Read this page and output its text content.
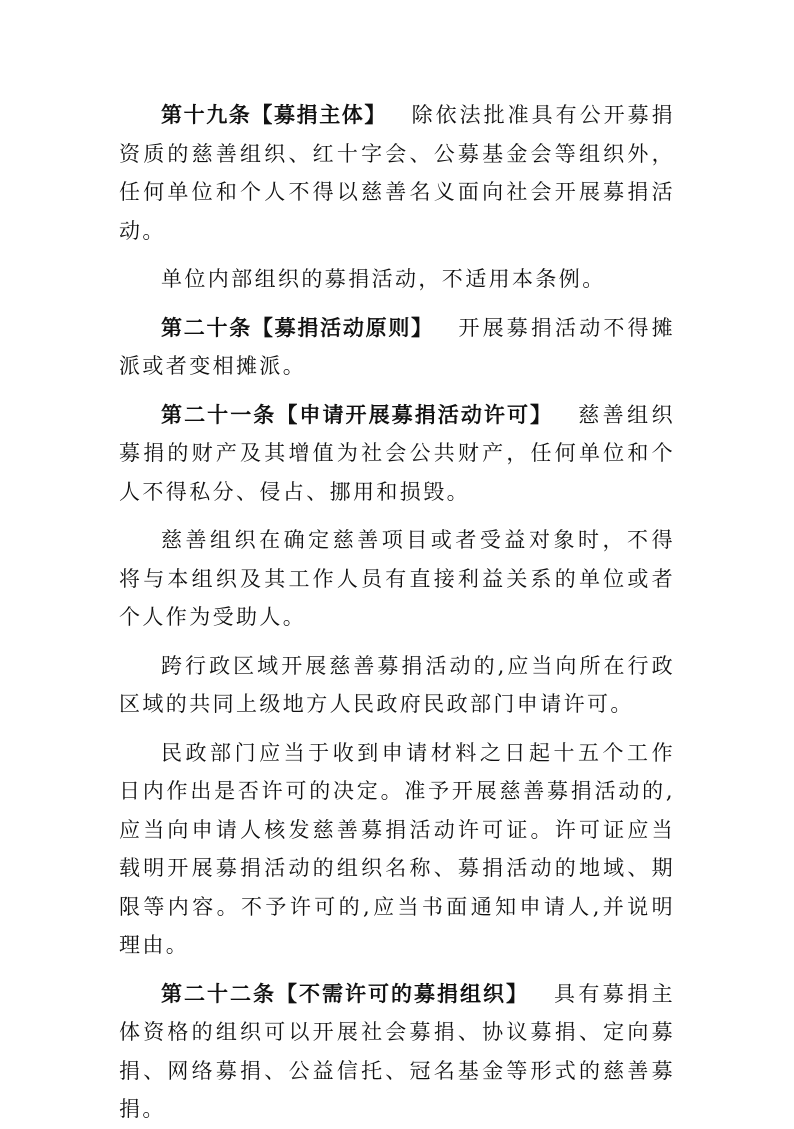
第十九条【募捐主体】 除依法批准具有公开募捐资质的慈善组织、红十字会、公募基金会等组织外，任何单位和个人不得以慈善名义面向社会开展募捐活动。

单位内部组织的募捐活动，不适用本条例。

第二十条【募捐活动原则】 开展募捐活动不得摊派或者变相摊派。

第二十一条【申请开展募捐活动许可】 慈善组织募捐的财产及其增值为社会公共财产，任何单位和个人不得私分、侵占、挪用和损毁。

慈善组织在确定慈善项目或者受益对象时，不得将与本组织及其工作人员有直接利益关系的单位或者个人作为受助人。

跨行政区域开展慈善募捐活动的,应当向所在行政区域的共同上级地方人民政府民政部门申请许可。

民政部门应当于收到申请材料之日起十五个工作日内作出是否许可的决定。准予开展慈善募捐活动的,应当向申请人核发慈善募捐活动许可证。许可证应当载明开展募捐活动的组织名称、募捐活动的地域、期限等内容。不予许可的,应当书面通知申请人,并说明理由。

第二十二条【不需许可的募捐组织】 具有募捐主体资格的组织可以开展社会募捐、协议募捐、定向募捐、网络募捐、公益信托、冠名基金等形式的慈善募捐。
